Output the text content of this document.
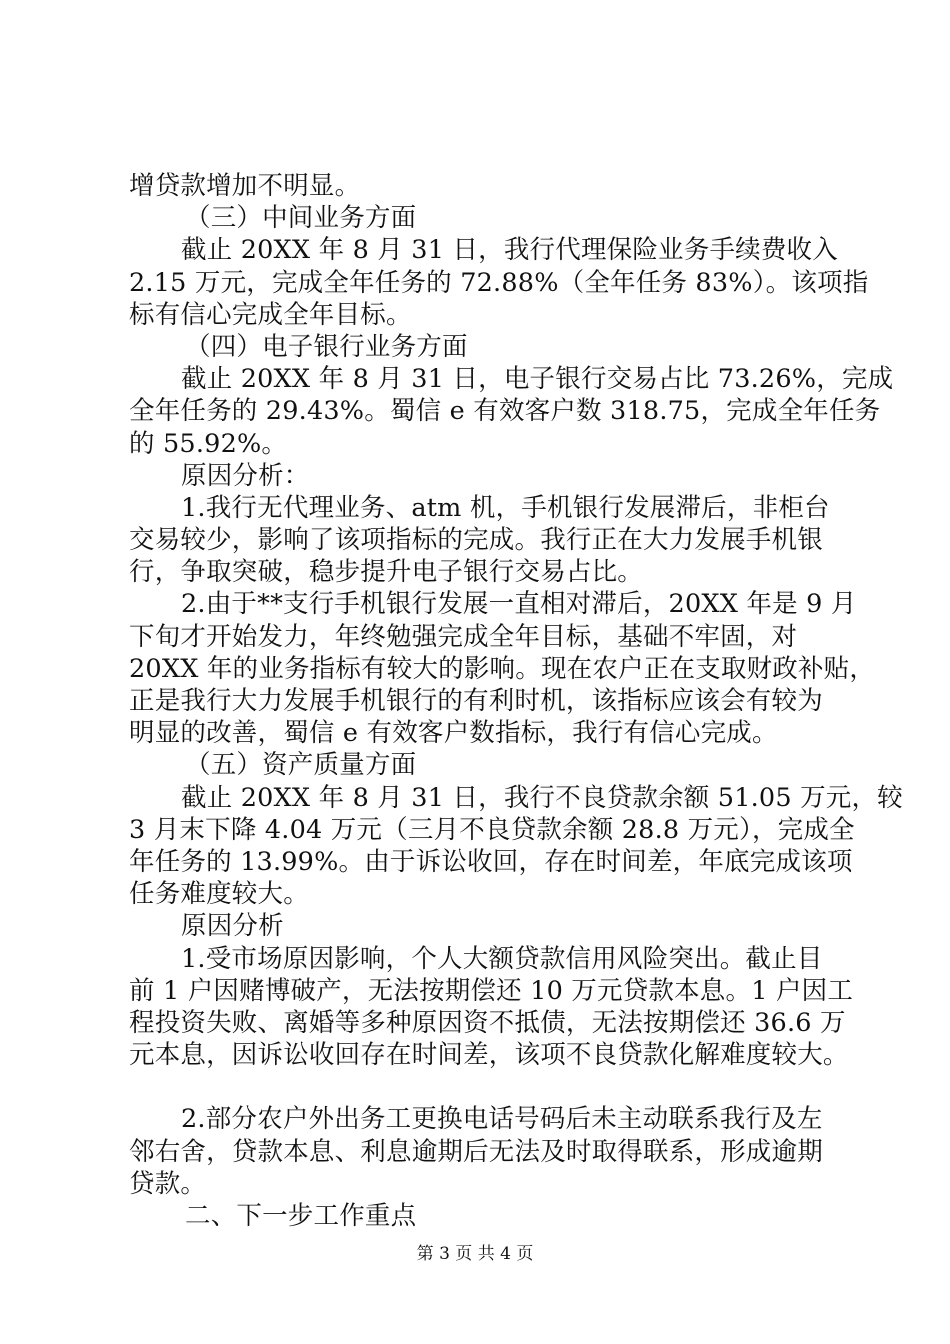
增贷款增加不明显。
（三）中间业务方面
截止 20XX 年 8 月 31 日，我行代理保险业务手续费收入
2.15 万元，完成全年任务的 72.88%（全年任务 83%）。该项指
标有信心完成全年目标。
（四）电子银行业务方面
截止 20XX 年 8 月 31 日，电子银行交易占比 73.26%，完成
全年任务的 29.43%。蜀信 e 有效客户数 318.75，完成全年任务
的 55.92%。
原因分析：
1.我行无代理业务、atm 机，手机银行发展滞后，非柜台
交易较少，影响了该项指标的完成。我行正在大力发展手机银
行，争取突破，稳步提升电子银行交易占比。
2.由于**支行手机银行发展一直相对滞后，20XX 年是 9 月
下旬才开始发力，年终勉强完成全年目标，基础不牢固，对
20XX 年的业务指标有较大的影响。现在农户正在支取财政补贴，
正是我行大力发展手机银行的有利时机，该指标应该会有较为
明显的改善，蜀信 e 有效客户数指标，我行有信心完成。
（五）资产质量方面
截止 20XX 年 8 月 31 日，我行不良贷款余额 51.05 万元，较
3 月末下降 4.04 万元（三月不良贷款余额 28.8 万元），完成全
年任务的 13.99%。由于诉讼收回，存在时间差，年底完成该项
任务难度较大。
原因分析
1.受市场原因影响，个人大额贷款信用风险突出。截止目
前 1 户因赌博破产，无法按期偿还 10 万元贷款本息。1 户因工
程投资失败、离婚等多种原因资不抵债，无法按期偿还 36.6 万
元本息，因诉讼收回存在时间差，该项不良贷款化解难度较大。
2.部分农户外出务工更换电话号码后未主动联系我行及左
邻右舍，贷款本息、利息逾期后无法及时取得联系，形成逾期
贷款。
二、下一步工作重点
第 3 页 共 4 页
